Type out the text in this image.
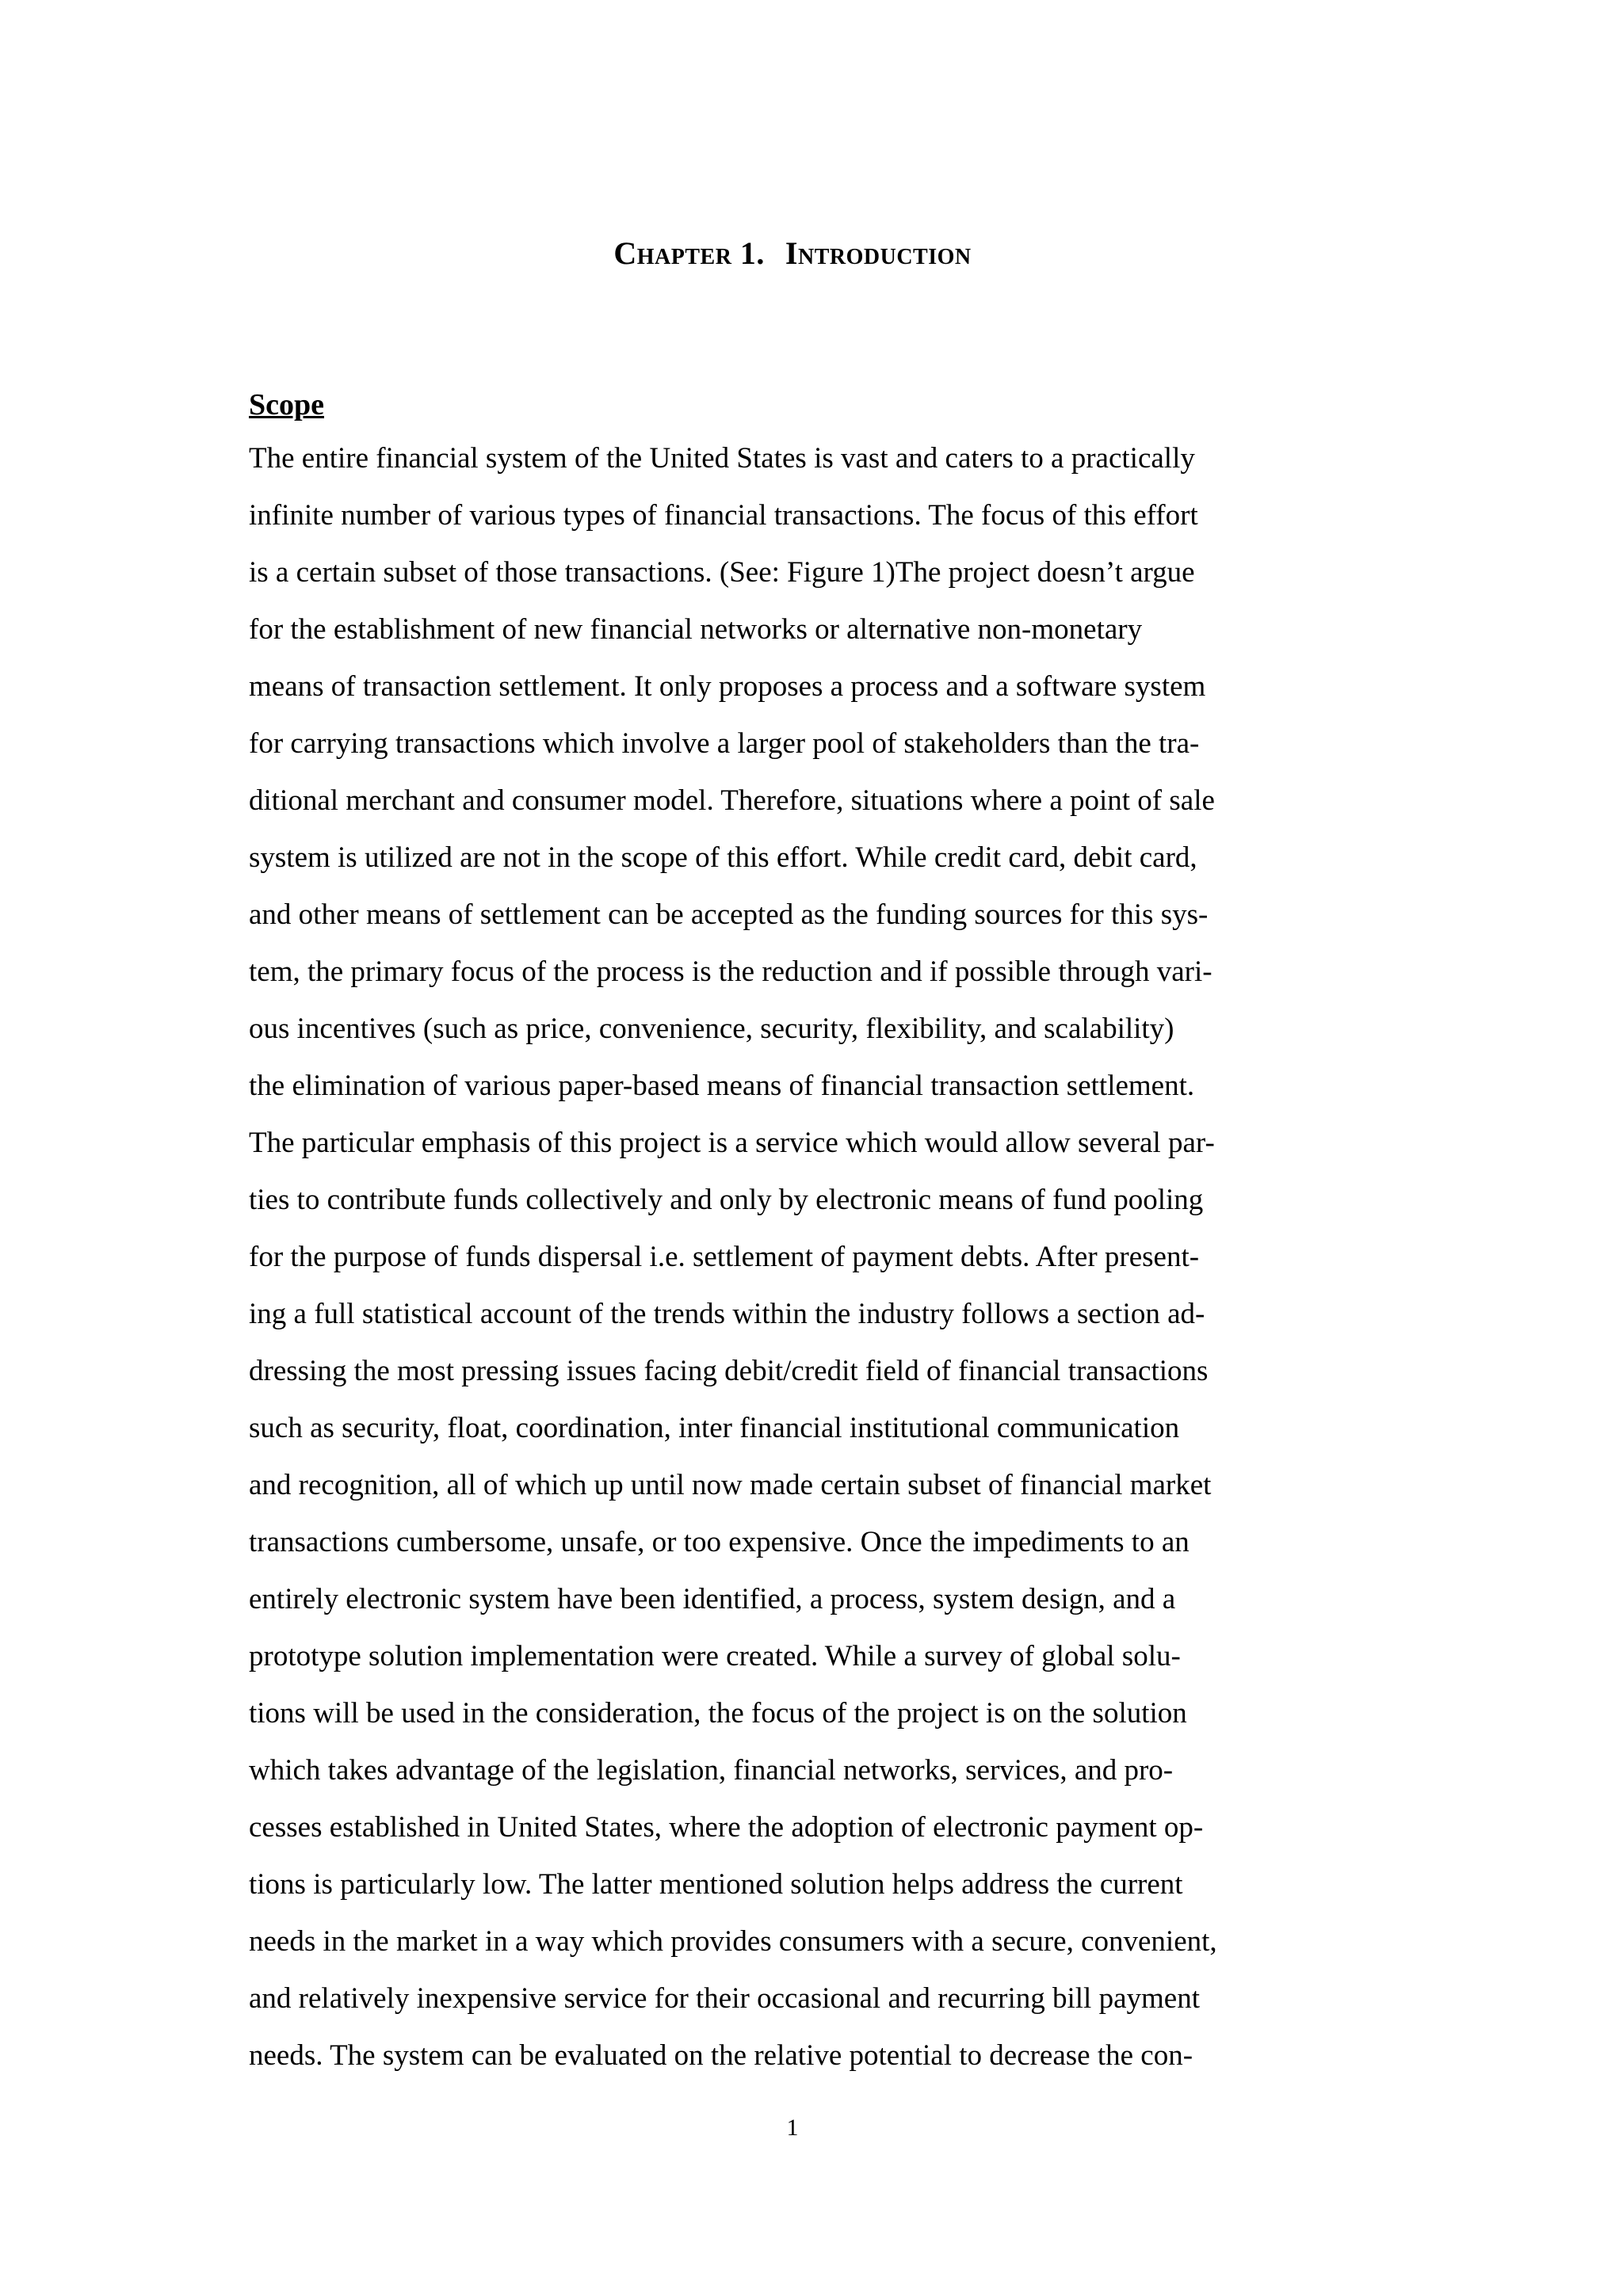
Chapter 1. Introduction
Scope
The entire financial system of the United States is vast and caters to a practically
infinite number of various types of financial transactions. The focus of this effort
is a certain subset of those transactions. (See: Figure 1)The project doesn’t argue
for the establishment of new financial networks or alternative non-monetary
means of transaction settlement. It only proposes a process and a software system
for carrying transactions which involve a larger pool of stakeholders than the tra-
ditional merchant and consumer model. Therefore, situations where a point of sale
system is utilized are not in the scope of this effort. While credit card, debit card,
and other means of settlement can be accepted as the funding sources for this sys-
tem, the primary focus of the process is the reduction and if possible through vari-
ous incentives (such as price, convenience, security, flexibility, and scalability)
the elimination of various paper-based means of financial transaction settlement.
The particular emphasis of this project is a service which would allow several par-
ties to contribute funds collectively and only by electronic means of fund pooling
for the purpose of funds dispersal i.e. settlement of payment debts. After present-
ing a full statistical account of the trends within the industry follows a section ad-
dressing the most pressing issues facing debit/credit field of financial transactions
such as security, float, coordination, inter financial institutional communication
and recognition, all of which up until now made certain subset of financial market
transactions cumbersome, unsafe, or too expensive. Once the impediments to an
entirely electronic system have been identified, a process, system design, and a
prototype solution implementation were created. While a survey of global solu-
tions will be used in the consideration, the focus of the project is on the solution
which takes advantage of the legislation, financial networks, services, and pro-
cesses established in United States, where the adoption of electronic payment op-
tions is particularly low. The latter mentioned solution helps address the current
needs in the market in a way which provides consumers with a secure, convenient,
and relatively inexpensive service for their occasional and recurring bill payment
needs. The system can be evaluated on the relative potential to decrease the con-
1
